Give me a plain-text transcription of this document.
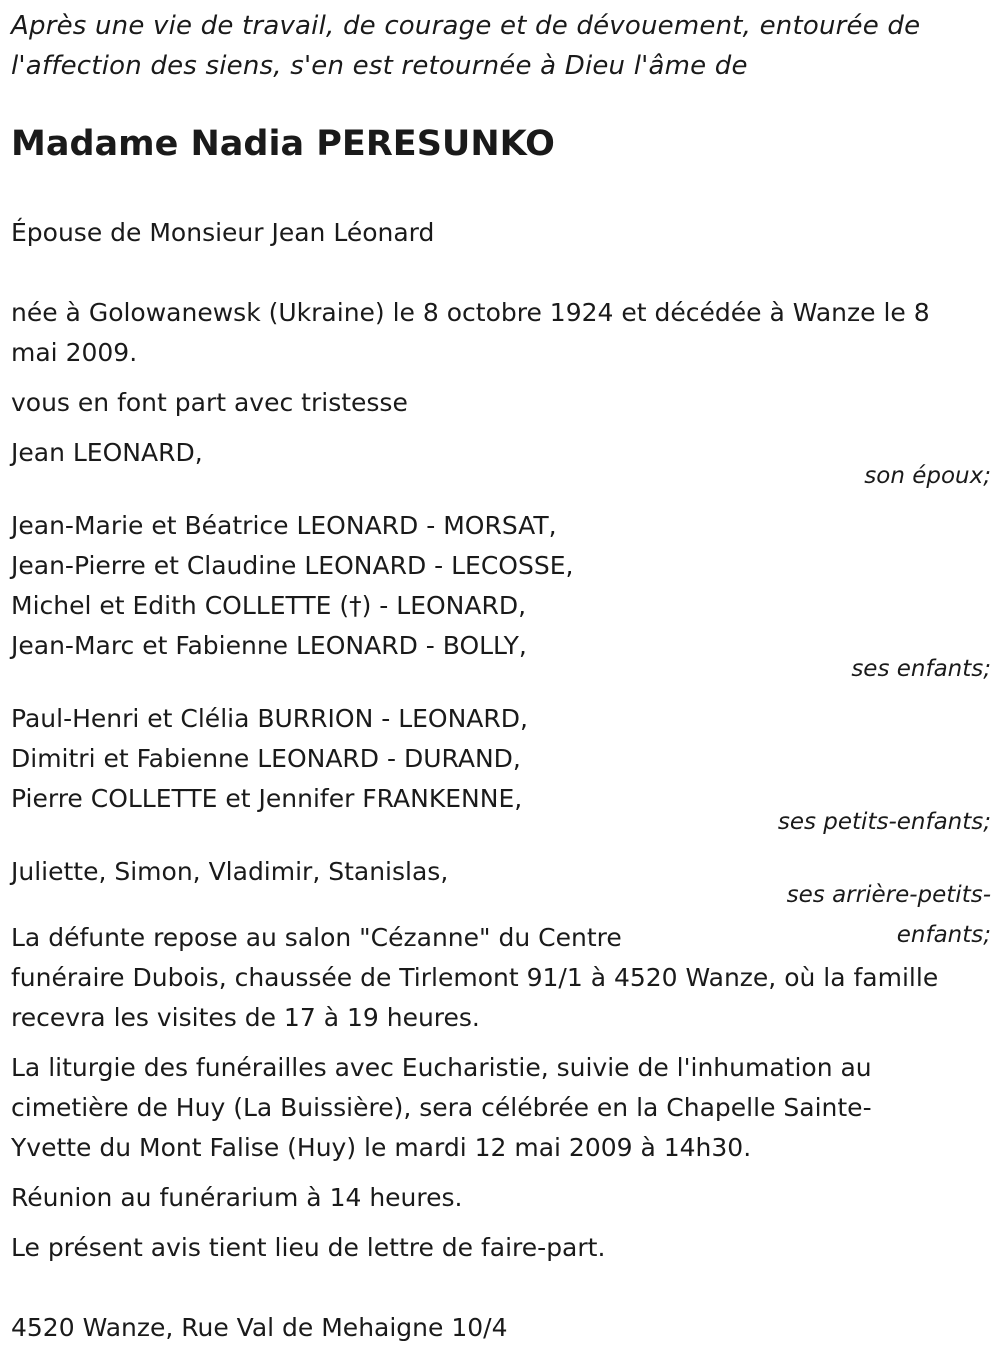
Après une vie de travail, de courage et de dévouement, entourée de
l'affection des siens, s'en est retournée à Dieu l'âme de

Madame Nadia PERESUNKO

Épouse de Monsieur Jean Léonard

née à Golowanewsk (Ukraine) le 8 octobre 1924 et décédée à Wanze le 8
mai 2009.

vous en font part avec tristesse

Jean LEONARD,

son époux;

Jean-Marie et Béatrice LEONARD - MORSAT,

Jean-Pierre et Claudine LEONARD - LECOSSE,

Michel et Edith COLLETTE (†) - LEONARD,

Jean-Marc et Fabienne LEONARD - BOLLY,

ses enfants;

Paul-Henri et Clélia BURRION - LEONARD,

Dimitri et Fabienne LEONARD - DURAND,

Pierre COLLETTE et Jennifer FRANKENNE,

ses petits-enfants;

Juliette, Simon, Vladimir, Stanislas,

ses arrière-petits-
enfants;

La défunte repose au salon "Cézanne" du Centre

funéraire Dubois, chaussée de Tirlemont 91/1 à 4520 Wanze, où la famille

recevra les visites de 17 à 19 heures.

La liturgie des funérailles avec Eucharistie, suivie de l'inhumation au
cimetière de Huy (La Buissière), sera célébrée en la Chapelle Sainte-
Yvette du Mont Falise (Huy) le mardi 12 mai 2009 à 14h30.

Réunion au funérarium à 14 heures.

Le présent avis tient lieu de lettre de faire-part.

4520 Wanze, Rue Val de Mehaigne 10/4
